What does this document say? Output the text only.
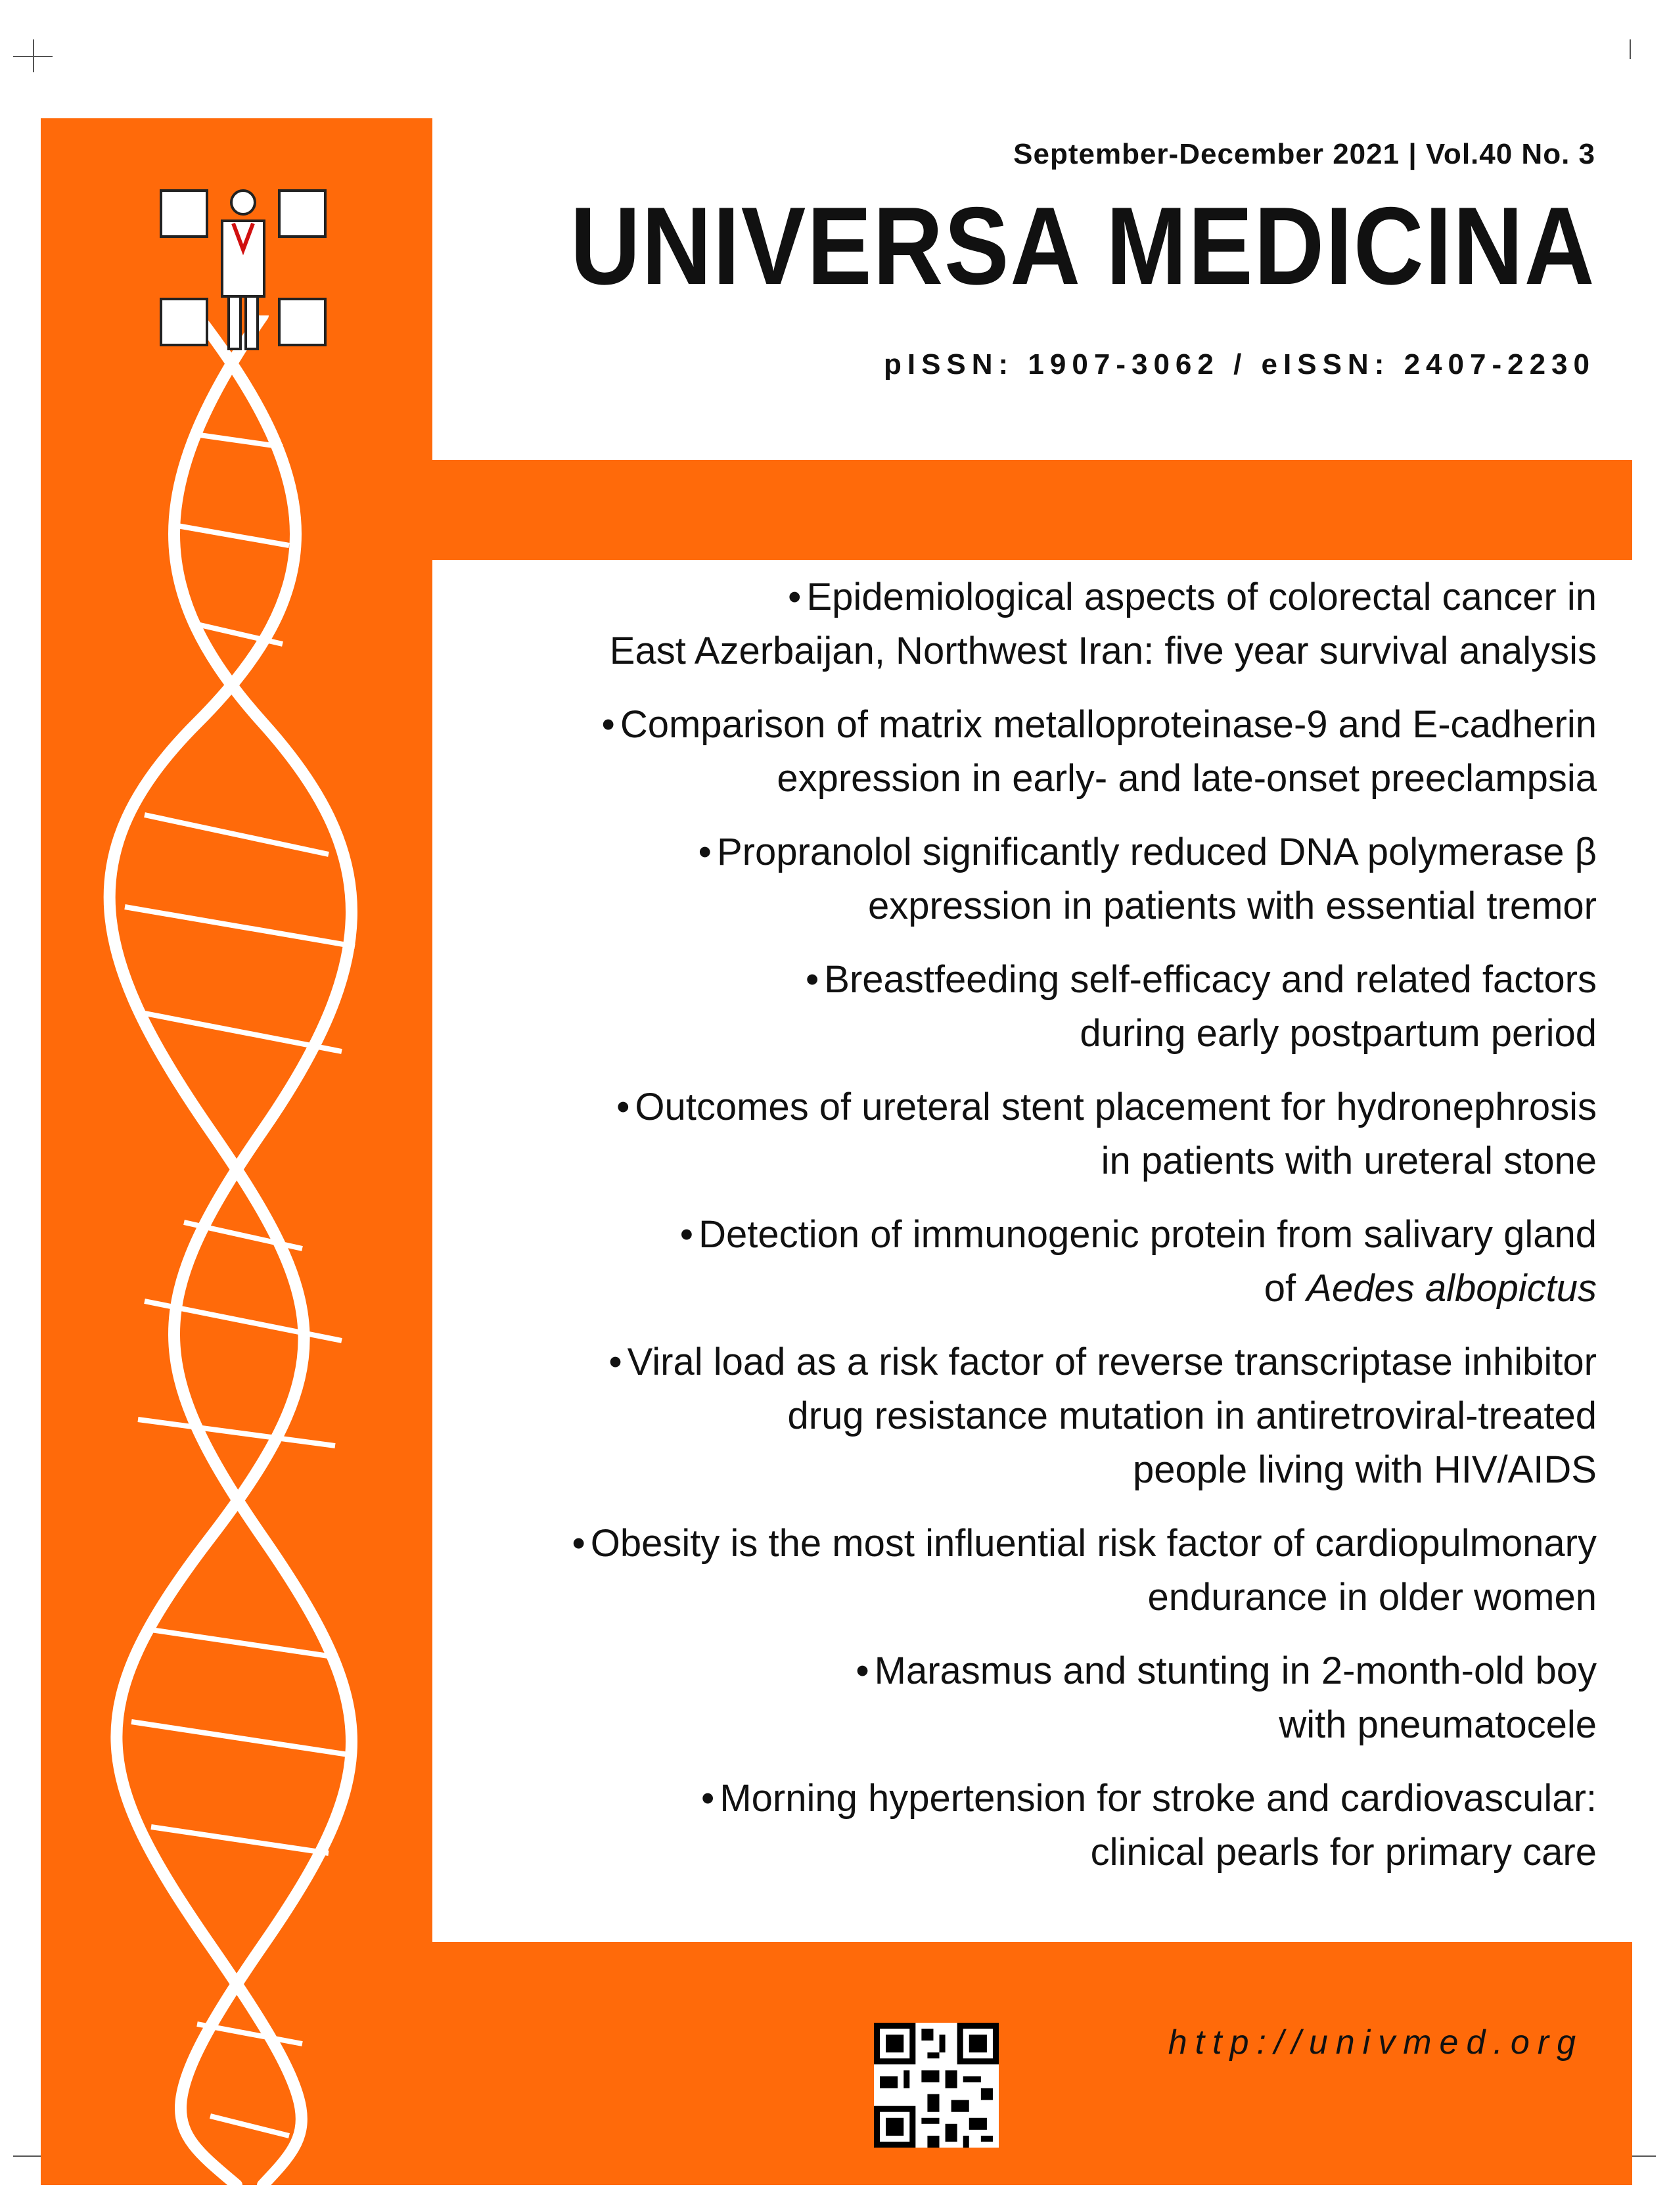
September-December 2021 | Vol.40 No. 3
UNIVERSA MEDICINA
pISSN: 1907-3062 / eISSN: 2407-2230
• Epidemiological aspects of colorectal cancer in
East Azerbaijan, Northwest Iran: five year survival analysis
• Comparison of matrix metalloproteinase-9 and E-cadherin
expression in early- and late-onset preeclampsia
• Propranolol significantly reduced DNA polymerase β
expression in patients with essential tremor
• Breastfeeding self-efficacy and related factors
during early postpartum period
• Outcomes of ureteral stent placement for hydronephrosis
in patients with ureteral stone
• Detection of immunogenic protein from salivary gland
of Aedes albopictus
• Viral load as a risk factor of reverse transcriptase inhibitor
drug resistance mutation in antiretroviral-treated
people living with HIV/AIDS
• Obesity is the most influential risk factor of cardiopulmonary
endurance in older women
• Marasmus and stunting in 2-month-old boy
with pneumatocele
• Morning hypertension for stroke and cardiovascular:
clinical pearls for primary care
http://univmed.org
